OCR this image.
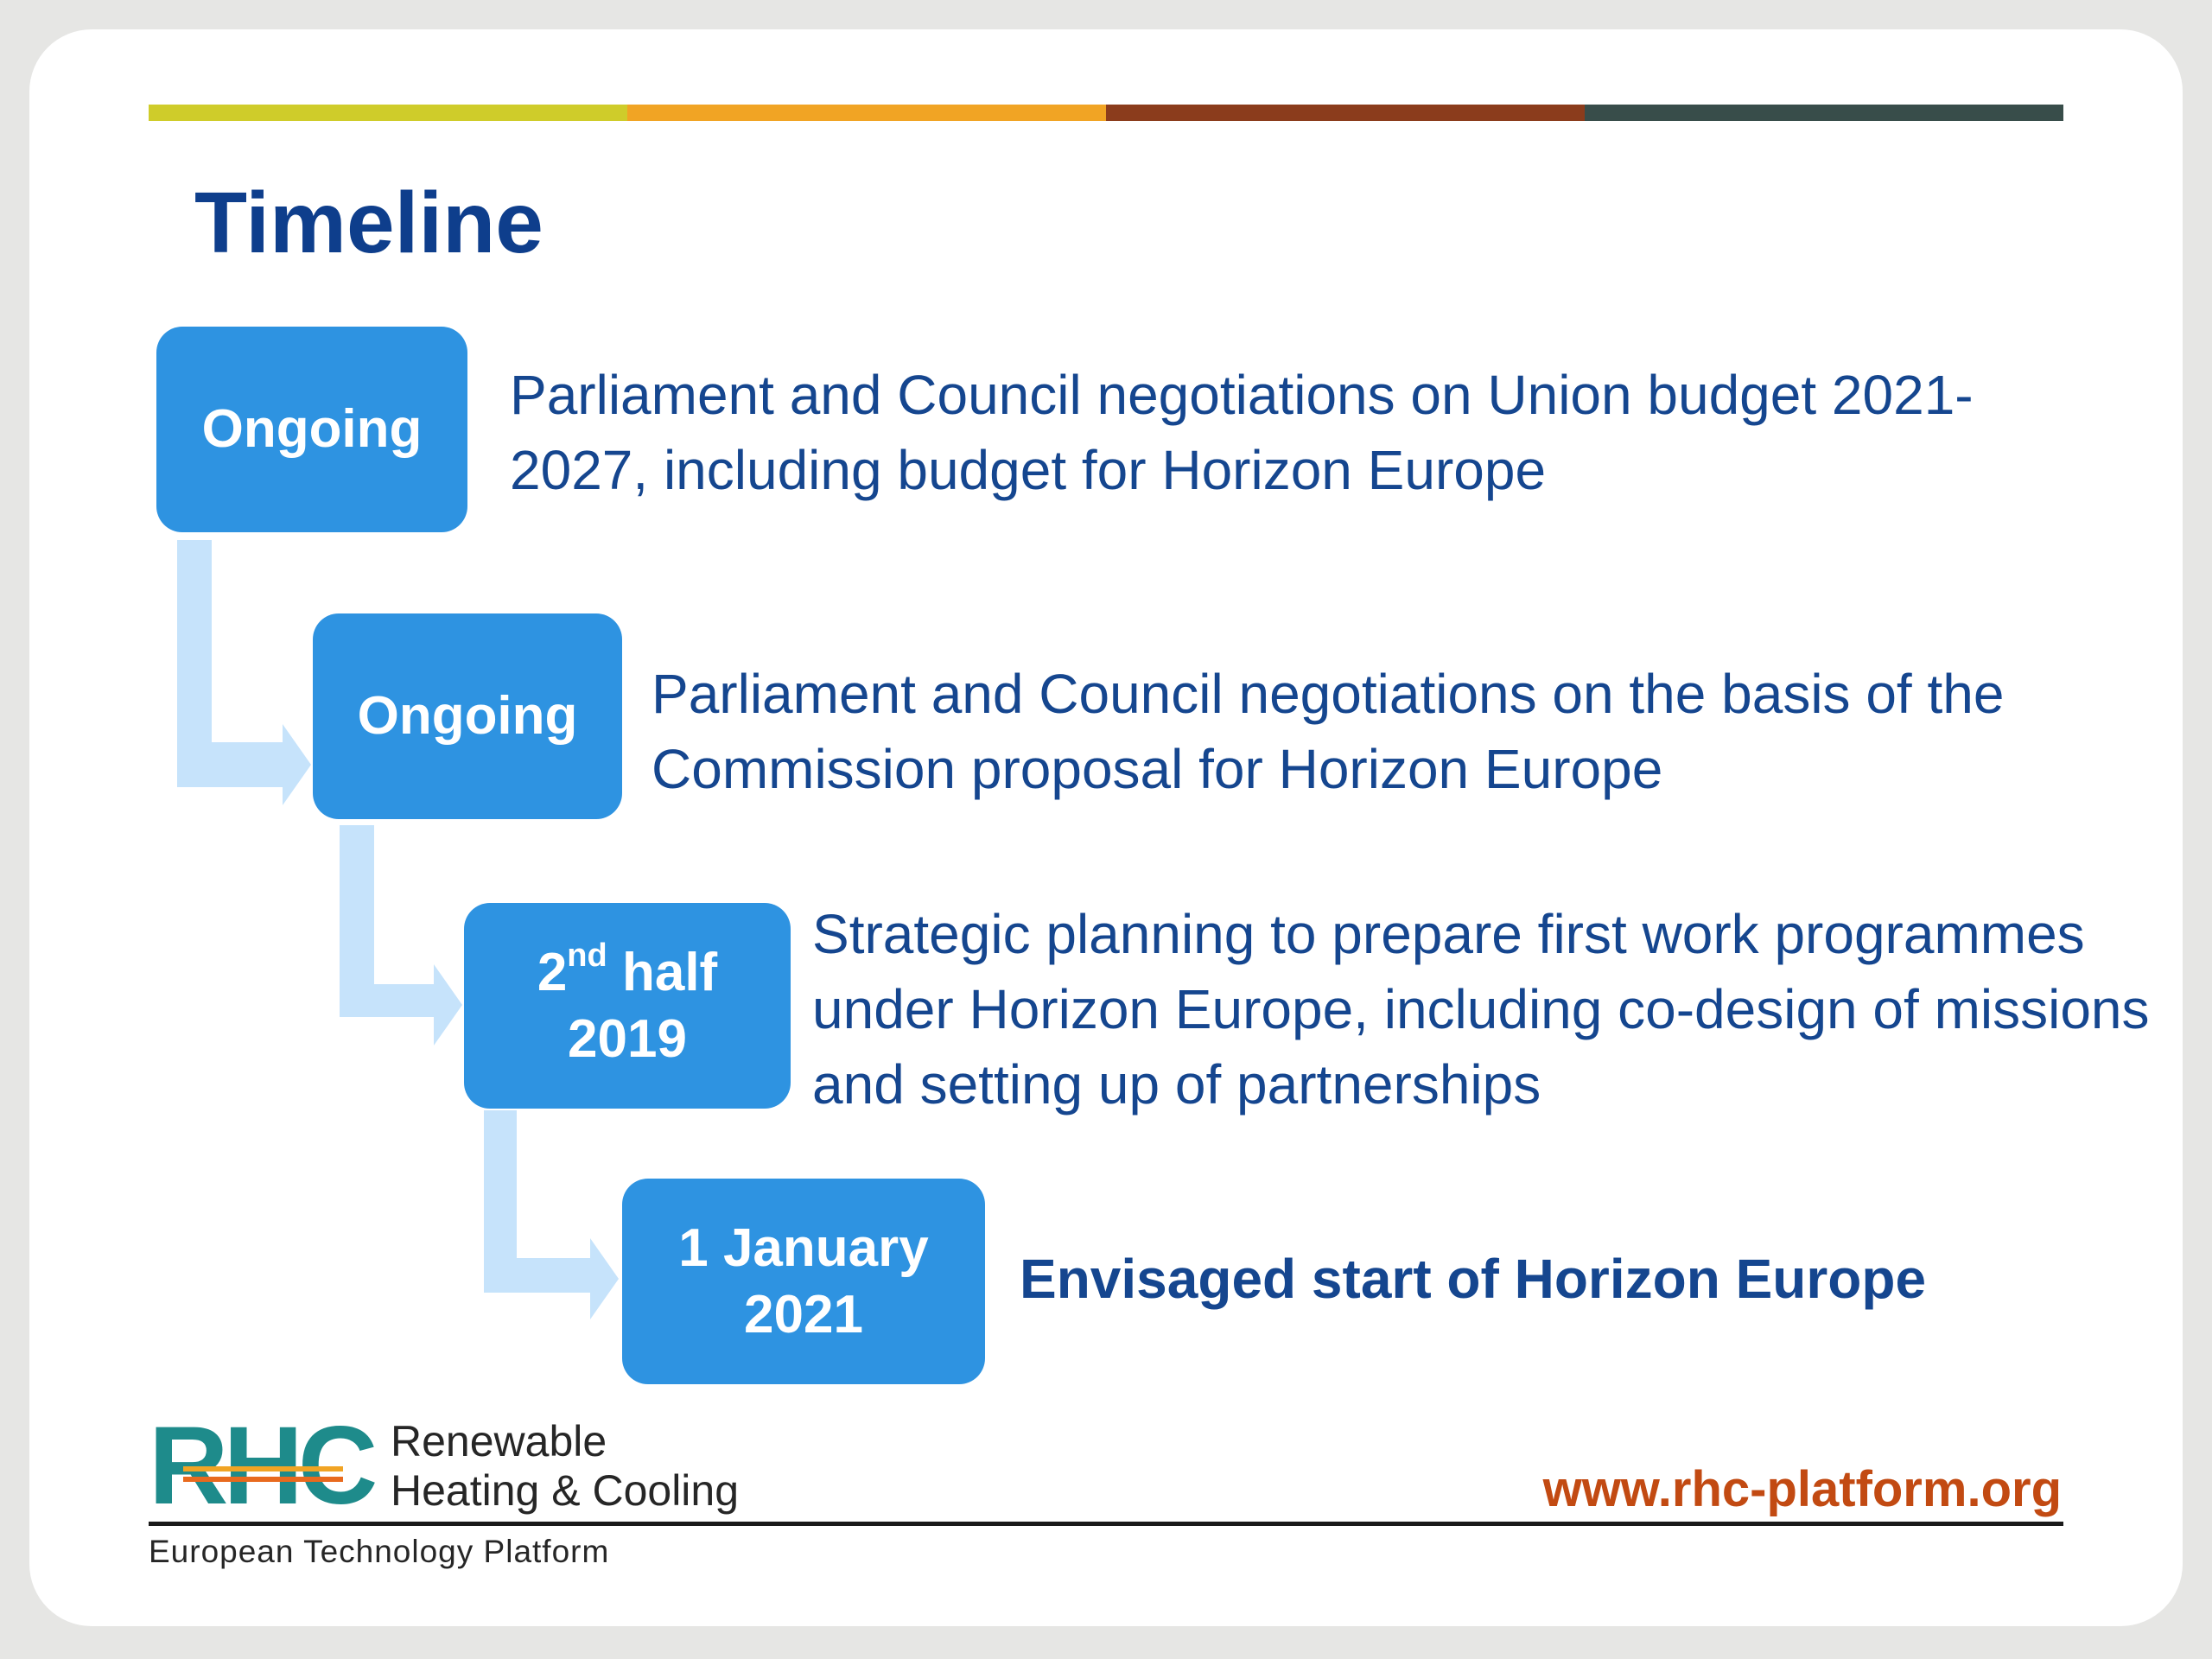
Timeline
Ongoing
Parliament and Council negotiations on Union budget 2021-2027, including budget for Horizon Europe
Ongoing Parliament and Council negotiations on the basis of the Commission proposal for Horizon Europe
2nd half
2019
Strategic planning to prepare first work programmes under Horizon Europe, including co-design of missions and setting up of partnerships
1 January
2021
Envisaged start of Horizon Europe
RHC Renewable
Heating & Cooling
European Technology Platform
www.rhc-platform.org
